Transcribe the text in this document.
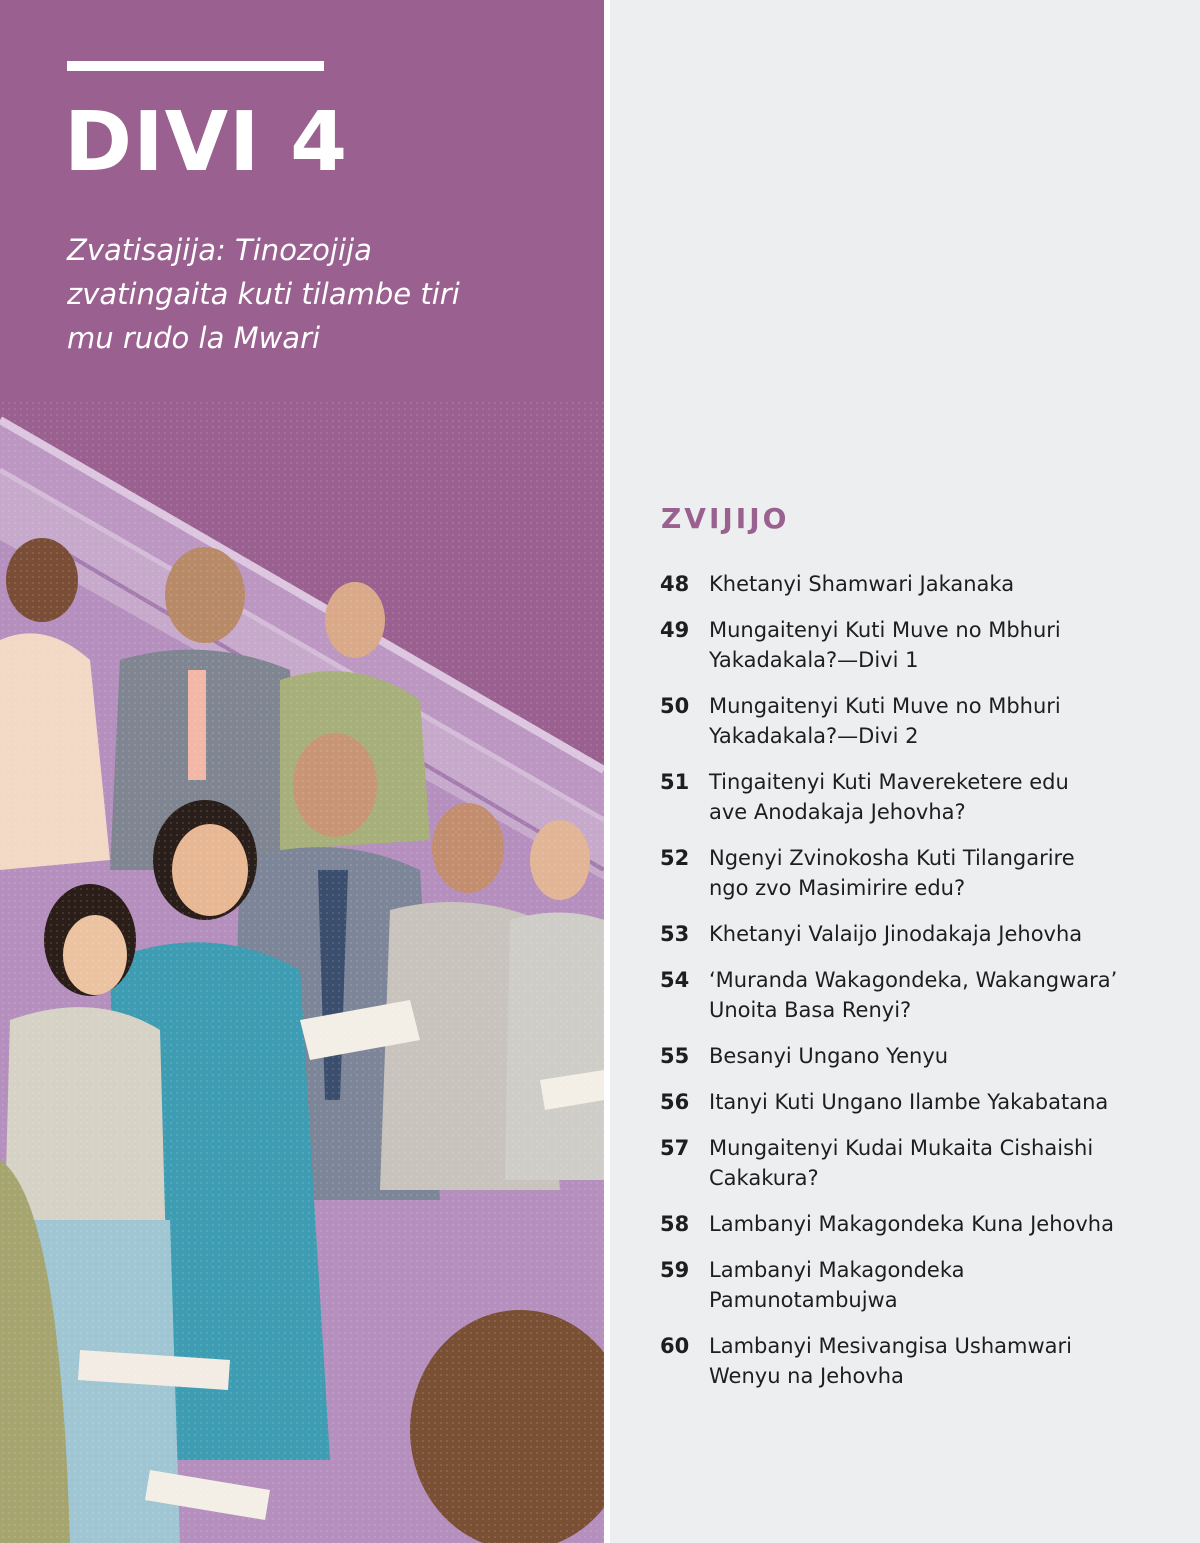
DIVI 4

Zvatisajija: Tinozojija zvatingaita kuti tilambe tiri mu rudo la Mwari

ZVIJIJO
48 Khetanyi Shamwari Jakanaka
49 Mungaitenyi Kuti Muve no Mbhuri
Yakadakala?—Divi 1
50 Mungaitenyi Kuti Muve no Mbhuri
Yakadakala?—Divi 2
51 Tingaitenyi Kuti Mavereketere edu
ave Anodakaja Jehovha?
52 Ngenyi Zvinokosha Kuti Tilangarire
ngo zvo Masimirire edu?
53 Khetanyi Valaijo Jinodakaja Jehovha
54 ‘Muranda Wakagondeka, Wakangwara’
Unoita Basa Renyi?
55 Besanyi Ungano Yenyu
56 Itanyi Kuti Ungano Ilambe Yakabatana
57 Mungaitenyi Kudai Mukaita Cishaishi
Cakakura?
58 Lambanyi Makagondeka Kuna Jehovha
59 Lambanyi Makagondeka
Pamunotambujwa
60 Lambanyi Mesivangisa Ushamwari
Wenyu na Jehovha
